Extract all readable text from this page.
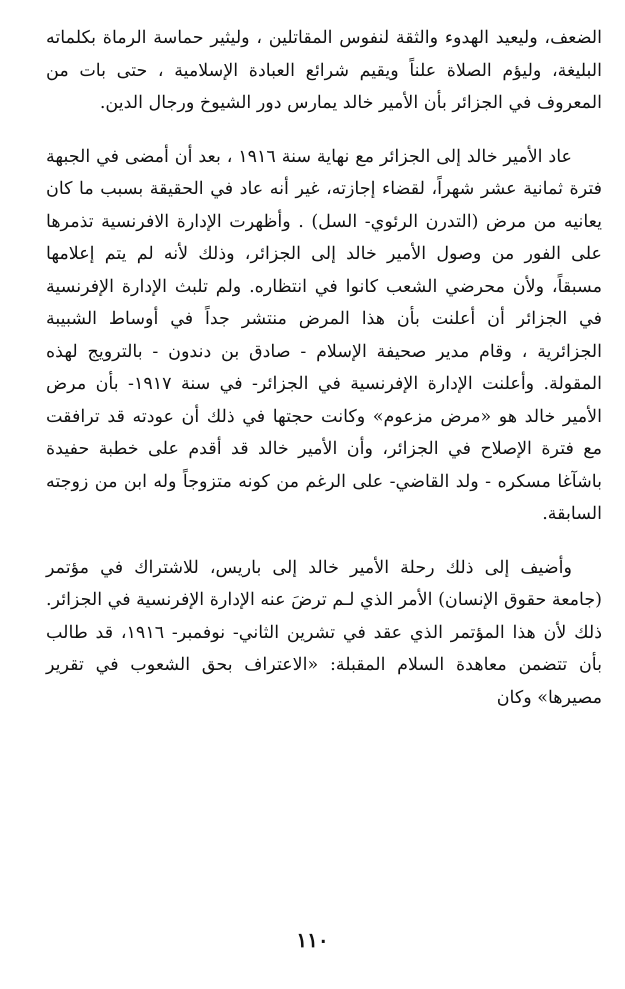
الضعف، وليعيد الهدوء والثقة لنفوس المقاتلين ، وليثير حماسة الرماة بكلماته البليغة، وليؤم الصلاة علناً ويقيم شرائع العبادة الإسلامية ، حتى بات من المعروف في الجزائر بأن الأمير خالد يمارس دور الشيوخ ورجال الدين.

عاد الأمير خالد إلى الجزائر مع نهاية سنة ١٩١٦ ، بعد أن أمضى في الجبهة فترة ثمانية عشر شهراً، لقضاء إجازته، غير أنه عاد في الحقيقة بسبب ما كان يعانيه من مرض (التدرن الرئوي- السل) . وأظهرت الإدارة الافرنسية تذمرها على الفور من وصول الأمير خالد إلى الجزائر، وذلك لأنه لم يتم إعلامها مسبقاً، ولأن محرضي الشعب كانوا في انتظاره. ولم تلبث الإدارة الإفرنسية في الجزائر أن أعلنت بأن هذا المرض منتشر جداً في أوساط الشبيبة الجزائرية ، وقام مدير صحيفة الإسلام - صادق بن دندون - بالترويج لهذه المقولة. وأعلنت الإدارة الإفرنسية في الجزائر- في سنة ١٩١٧- بأن مرض الأمير خالد هو «مرض مزعوم» وكانت حجتها في ذلك أن عودته قد ترافقت مع فترة الإصلاح في الجزائر، وأن الأمير خالد قد أقدم على خطبة حفيدة باشآغا مسكره - ولد القاضي- على الرغم من كونه متزوجاً وله ابن من زوجته السابقة.

وأضيف إلى ذلك رحلة الأمير خالد إلى باريس، للاشتراك في مؤتمر (جامعة حقوق الإنسان) الأمر الذي لـم ترضَ عنه الإدارة الإفرنسية في الجزائر. ذلك لأن هذا المؤتمر الذي عقد في تشرين الثاني- نوفمبر- ١٩١٦، قد طالب بأن تتضمن معاهدة السلام المقبلة: «الاعتراف بحق الشعوب في تقرير مصيرها» وكان

١١٠
